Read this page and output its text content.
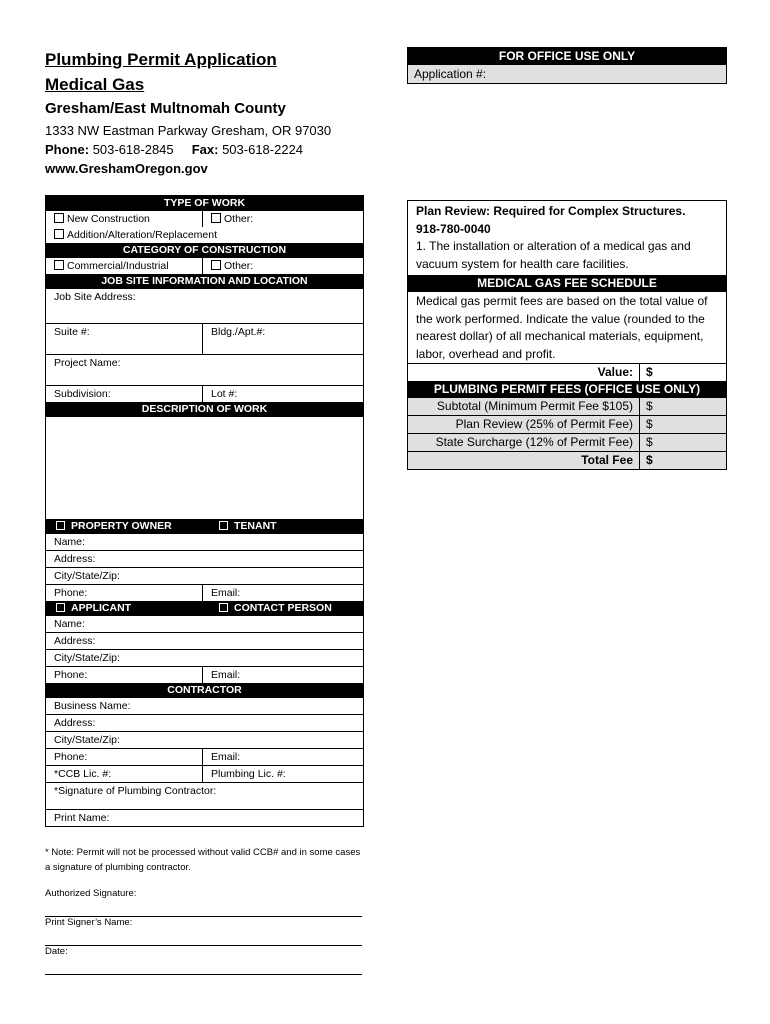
Plumbing Permit Application
Medical Gas
Gresham/East Multnomah County
1333 NW Eastman Parkway Gresham, OR 97030
Phone: 503-618-2845 Fax: 503-618-2224
www.GreshamOregon.gov
FOR OFFICE USE ONLY
Application #:
TYPE OF WORK
New Construction	Other:
Addition/Alteration/Replacement
CATEGORY OF CONSTRUCTION
Commercial/Industrial	Other:
JOB SITE INFORMATION AND LOCATION
Job Site Address:
Suite #:	Bldg./Apt.#:
Project Name:
Subdivision:	Lot #:
DESCRIPTION OF WORK
PROPERTY OWNER	TENANT
Name:
Address:
City/State/Zip:
Phone:	Email:
APPLICANT	CONTACT PERSON
Name:
Address:
City/State/Zip:
Phone:	Email:
CONTRACTOR
Business Name:
Address:
City/State/Zip:
Phone:	Email:
*CCB Lic. #:	Plumbing Lic. #:
*Signature of Plumbing Contractor:
Print Name:
* Note: Permit will not be processed without valid CCB# and in some cases a signature of plumbing contractor.
Authorized Signature:
Print Signer’s Name:
Date:
Plan Review: Required for Complex Structures.
918-780-0040
1. The installation or alteration of a medical gas and vacuum system for health care facilities.
MEDICAL GAS FEE SCHEDULE
Medical gas permit fees are based on the total value of the work performed. Indicate the value (rounded to the nearest dollar) of all mechanical materials, equipment, labor, overhead and profit.
Value:	$
PLUMBING PERMIT FEES (OFFICE USE ONLY)
Subtotal (Minimum Permit Fee $105)	$
Plan Review (25% of Permit Fee)	$
State Surcharge (12% of Permit Fee)	$
Total Fee	$
